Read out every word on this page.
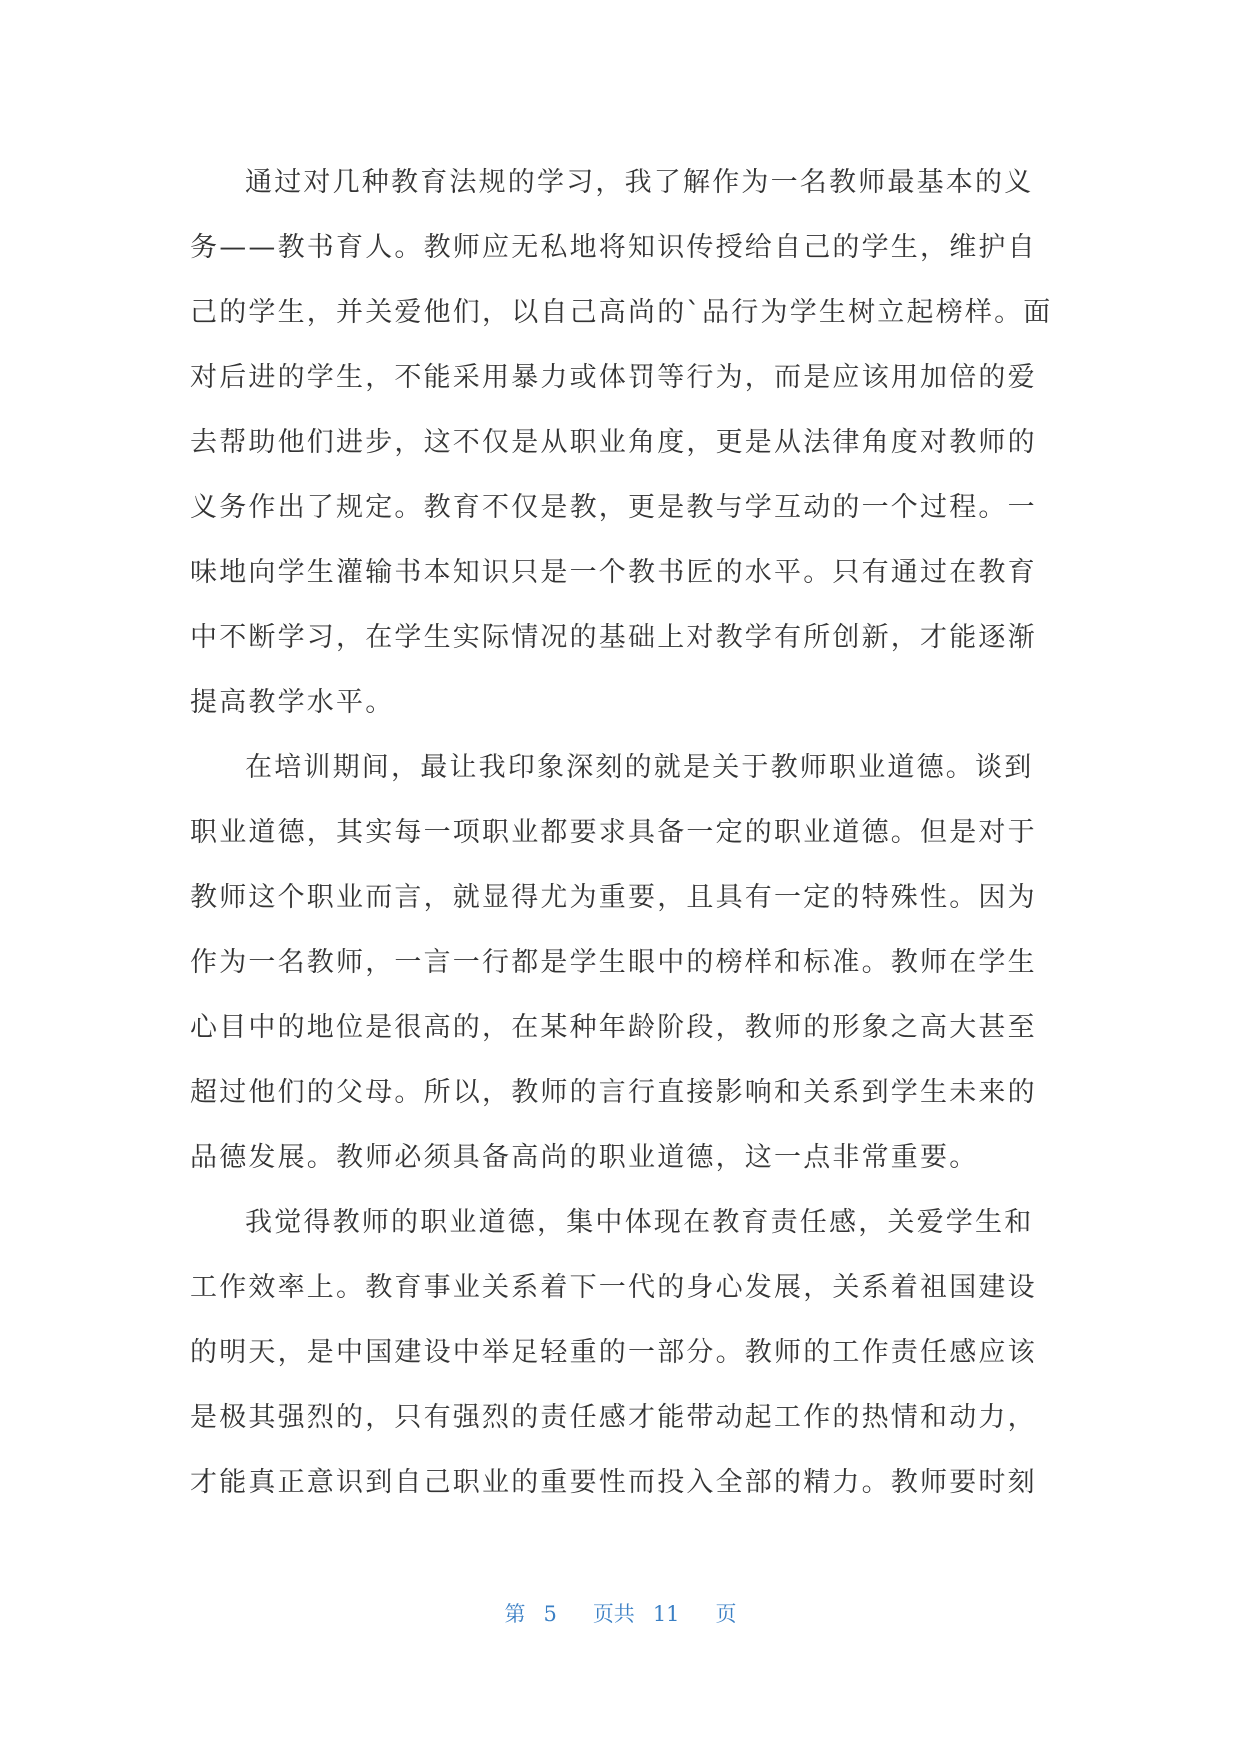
通过对几种教育法规的学习，我了解作为一名教师最基本的义
务——教书育人。教师应无私地将知识传授给自己的学生，维护自
己的学生，并关爱他们，以自己高尚的`品行为学生树立起榜样。面
对后进的学生，不能采用暴力或体罚等行为，而是应该用加倍的爱
去帮助他们进步，这不仅是从职业角度，更是从法律角度对教师的
义务作出了规定。教育不仅是教，更是教与学互动的一个过程。一
味地向学生灌输书本知识只是一个教书匠的水平。只有通过在教育
中不断学习，在学生实际情况的基础上对教学有所创新，才能逐渐
提高教学水平。
在培训期间，最让我印象深刻的就是关于教师职业道德。谈到
职业道德，其实每一项职业都要求具备一定的职业道德。但是对于
教师这个职业而言，就显得尤为重要，且具有一定的特殊性。因为
作为一名教师，一言一行都是学生眼中的榜样和标准。教师在学生
心目中的地位是很高的，在某种年龄阶段，教师的形象之高大甚至
超过他们的父母。所以，教师的言行直接影响和关系到学生未来的
品德发展。教师必须具备高尚的职业道德，这一点非常重要。
我觉得教师的职业道德，集中体现在教育责任感，关爱学生和
工作效率上。教育事业关系着下一代的身心发展，关系着祖国建设
的明天，是中国建设中举足轻重的一部分。教师的工作责任感应该
是极其强烈的，只有强烈的责任感才能带动起工作的热情和动力，
才能真正意识到自己职业的重要性而投入全部的精力。教师要时刻
第 5 页共 11 页
